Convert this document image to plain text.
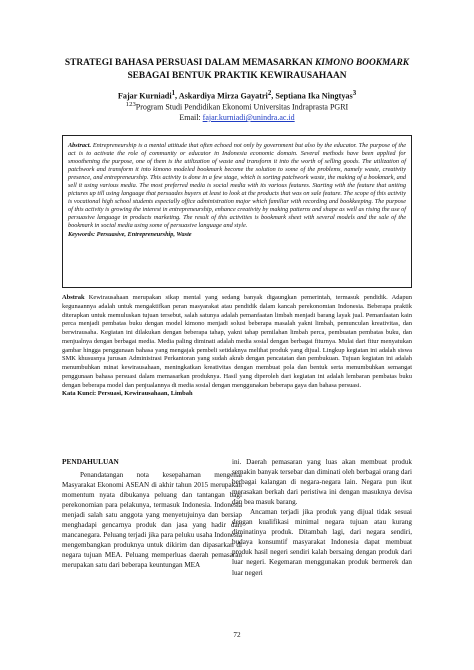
STRATEGI BAHASA PERSUASI DALAM MEMASARKAN KIMONO BOOKMARK
SEBAGAI BENTUK PRAKTIK KEWIRAUSAHAAN
Fajar Kurniadi$^1$, Askardiya Mirza Gayatri$^2$, Septiana Ika Ningtyas$^3$
$^{123}$Program Studi Pendidikan Ekonomi Universitas Indraprasta PGRI
Email: fajar.kurniadi@unindra.ac.id
Abstract. Entrepreneurship is a mental attitude that often echoed not only by government but also by the educator. The purpose of the act is to activate the role of community or educator in Indonesia economic domain. Several methods have been applied for smoothening the purpose, one of them is the utilization of waste and transform it into the worth of selling goods. The utilization of patchwork and transform it into kimono modeled bookmark become the solution to some of the problems, namely waste, creativity presence, and entrepreneurship. This activity is done in a few stage, which is sorting patchwork waste, the making of a bookmark, and sell it using various media. The most preferred media is social media with its various features. Starting with the feature that uniting pictures up till using language that persuades buyers at least to look at the products that was on sale feature. The scope of this activity is vocational high school students especially office administration major which familiar with recording and bookkeeping. The purpose of this activity is growing the interest in entrepreneurship, enhance creativity by making patterns and shape as well as rising the use of persuasive language in products marketing. The result of this activities is bookmark sheet with several models and the sale of the bookmark in social media using some of persuasive language and style.
Keywords: Persuasive, Entrepreneurship, Waste
Abstrak Kewirausahaan merupakan sikap mental yang sedang banyak digaungkan pemerintah, termasuk pendidik. Adapun kegunaannya adalah untuk mengaktifkan peran masyarakat atau pendidik dalam kancah perekonomian Indonesia. Beberapa praktik diterapkan untuk memuluskan tujuan tersebut, salah satunya adalah pemanfaatan limbah menjadi barang layak jual. Pemanfaatan kain perca menjadi pembatas buku dengan model kimono menjadi solusi beberapa masalah yakni limbah, pemunculan kreativitas, dan berwirausaha. Kegiatan ini dilakukan dengan beberapa tahap, yakni tahap pemilahan limbah perca, pembuatan pembatas buku, dan menjualnya dengan berbagai media. Media paling diminati adalah media sosial dengan berbagai fiturnya. Mulai dari fitur menyatukan gambar hingga penggunaan bahasa yang mengajak pembeli setidaknya melihat produk yang dijual. Lingkup kegiatan ini adalah siswa SMK khususnya jurusan Administrasi Perkantoran yang sudah akrab dengan pencatatan dan pembukuan. Tujuan kegiatan ini adalah menumbuhkan minat kewirausahaan, meningkatkan kreativitas dengan membuat pola dan bentuk serta menumbuhkan semangat penggunaan bahasa persuasi dalam memasarkan produknya. Hasil yang diperoleh dari kegiatan ini adalah lembaran pembatas buku dengan beberapa model dan penjualannya di media sosial dengan menggunakan beberapa gaya dan bahasa persuasi.
Kata Kunci: Persuasi, Kewirausahaan, Limbah
PENDAHULUAN

Penandatangan nota kesepahaman mengenai Masyarakat Ekonomi ASEAN di akhir tahun 2015 merupakan momentum nyata dibukanya peluang dan tantangan bagi perekonomian para pelakunya, termasuk Indonesia. Indonesia menjadi salah satu anggota yang menyetujuinya dan bersiap menghadapi gencarnya produk dan jasa yang hadir dari mancanegara. Peluang terjadi jika para peluku usaha Indonesia mengembangkan produknya untuk dikirim dan dipasarkan di negara tujuan MEA. Peluang memperluas daerah pemasaran merupakan satu dari beberapa keuntungan MEA

ini. Daerah pemasaran yang luas akan membuat produk semakin banyak tersebar dan diminati oleh berbagai orang dari berbagai kalangan di negara-negara lain. Negara pun ikut merasakan berkah dari peristiwa ini dengan masuknya devisa dan bea masuk barang.

Ancaman terjadi jika produk yang dijual tidak sesuai dengan kualifikasi minimal negara tujuan atau kurang diminatinya produk. Ditambah lagi, dari negara sendiri, budaya konsumtif masyarakat Indonesia dapat membuat produk hasil negeri sendiri kalah bersaing dengan produk dari luar negeri. Kegemaran menggunakan produk bermerek dan luar negeri

72
